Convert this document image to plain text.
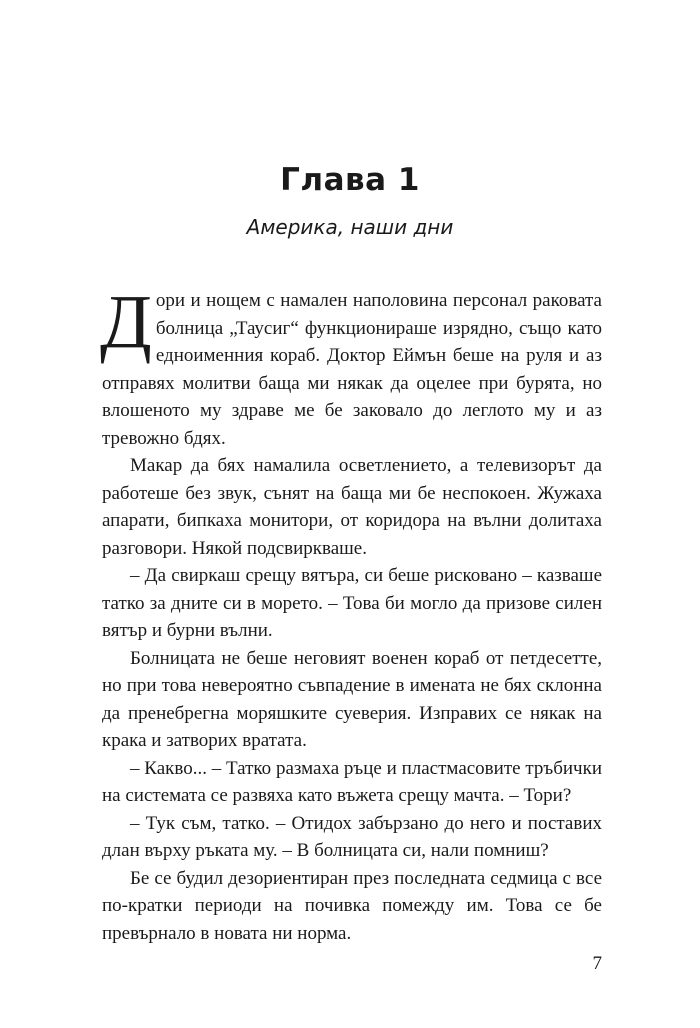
Глава 1
Америка, наши дни

Дори и нощем с намален наполовина персонал раковата болница „Таусиг“ функционираше изрядно, също като едноименния кораб. Доктор Еймън беше на руля и аз отправях молитви баща ми някак да оцелее при бурята, но влошеното му здраве ме бе заковало до леглото му и аз тревожно бдях.

Макар да бях намалила осветлението, а телевизорът да работеше без звук, сънят на баща ми бе неспокоен. Жужаха апарати, бипкаха монитори, от коридора на вълни долитаха разговори. Някой подсвиркваше.

– Да свиркаш срещу вятъра, си беше рисковано – казваше татко за дните си в морето. – Това би могло да призове силен вятър и бурни вълни.

Болницата не беше неговият военен кораб от петдесетте, но при това невероятно съвпадение в имената не бях склонна да пренебрегна моряшките суеверия. Изправих се някак на крака и затворих вратата.

– Какво... – Татко размаха ръце и пластмасовите тръбички на системата се развяха като въжета срещу мачта. – Тори?

– Тук съм, татко. – Отидох забързано до него и поставих длан върху ръката му. – В болницата си, нали помниш?

Бе се будил дезориентиран през последната седмица с все по-кратки периоди на почивка помежду им. Това се бе превърнало в новата ни норма.

7
